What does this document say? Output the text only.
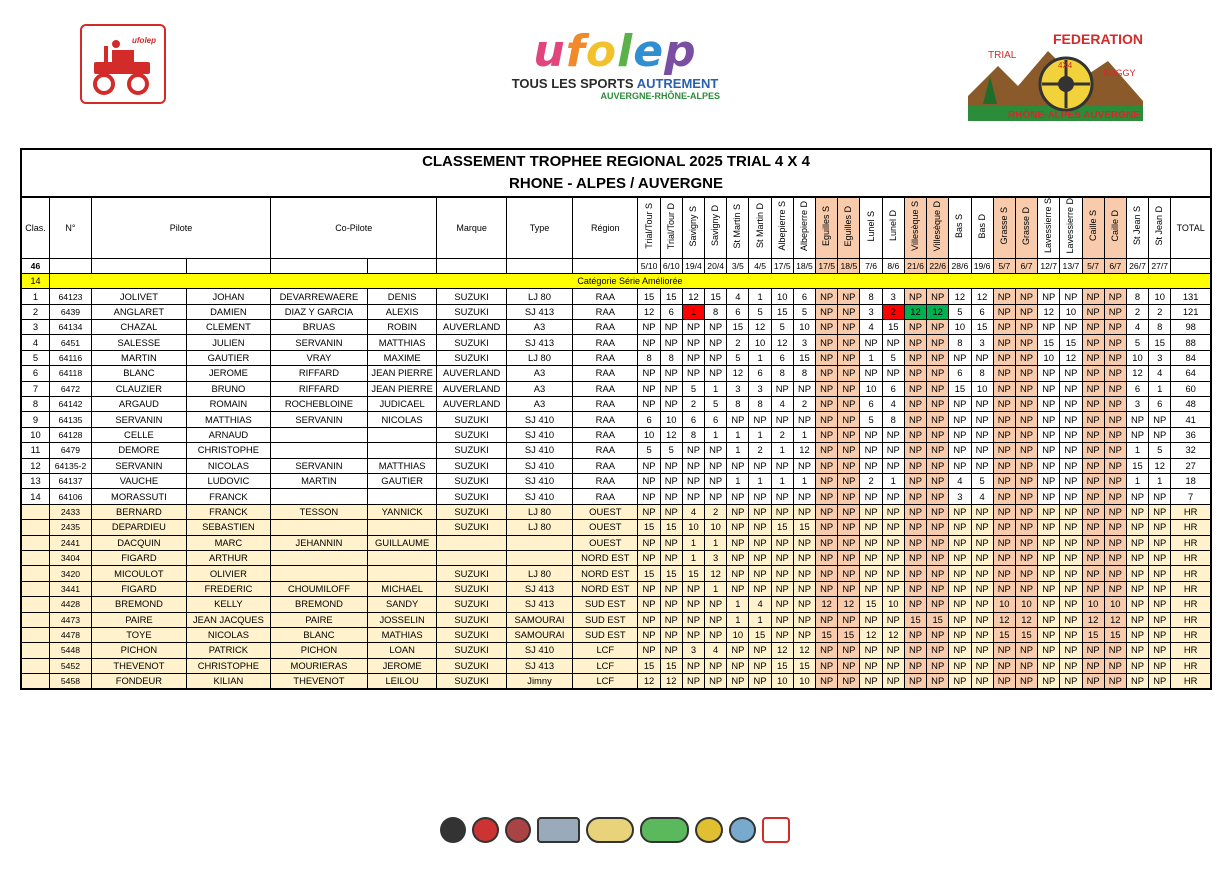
ufolep	ufolep
TOUS LES SPORTS AUTREMENT
AUVERGNE-RHÔNE-ALPES
FEDERATION
TRIAL
4X4
BUGGY
RHÔNE-ALPES AUVERGNE
CLASSEMENT TROPHEE REGIONAL 2025 TRIAL 4 X 4
RHONE - ALPES / AUVERGNE
Clas.	N°	Pilote		Co-Pilote		Marque	Type	Région	Trial/Tour S	Trial/Tour D	Savigny S	Savigny D	St Martin S	St Martin D	Albepierre S	Albepierre D	Eguilles S	Eguilles D	Lunel S	Lunel D	Villesèque S	Villesèque D	Bas S	Bas D	Grasse S	Grasse D	Lavessierre S	Lavessierre D	Caille S	Caille D	St Jean S	St Jean D	TOTAL
46									5/10	6/10	19/4	20/4	3/5	4/5	17/5	18/5	17/5	18/5	7/6	8/6	21/6	22/6	28/6	19/6	5/7	6/7	12/7	13/7	5/7	6/7	26/7	27/7	
14	Catégorie Série Améliorée																																
1	64123	JOLIVET	JOHAN	DEVARREWAERE	DENIS	SUZUKI	LJ 80	RAA	15	15	12	15	4	1	10	6	NP	NP	8	3	NP	NP	12	12	NP	NP	NP	NP	NP	NP	8	10	131
2	6439	ANGLARET	DAMIEN	DIAZ Y GARCIA	ALEXIS	SUZUKI	SJ 413	RAA	12	6	1	8	6	5	15	5	NP	NP	3	2	12	12	5	6	NP	NP	12	10	NP	NP	2	2	121
3	64134	CHAZAL	CLEMENT	BRUAS	ROBIN	AUVERLAND	A3	RAA	NP	NP	NP	NP	15	12	5	10	NP	NP	4	15	NP	NP	10	15	NP	NP	NP	NP	NP	NP	4	8	98
4	6451	SALESSE	JULIEN	SERVANIN	MATTHIAS	SUZUKI	SJ 413	RAA	NP	NP	NP	NP	2	10	12	3	NP	NP	NP	NP	NP	NP	8	3	NP	NP	15	15	NP	NP	5	15	88
5	64116	MARTIN	GAUTIER	VRAY	MAXIME	SUZUKI	LJ 80	RAA	8	8	NP	NP	5	1	6	15	NP	NP	1	5	NP	NP	NP	NP	NP	NP	10	12	NP	NP	10	3	84
6	64118	BLANC	JEROME	RIFFARD	JEAN PIERRE	AUVERLAND	A3	RAA	NP	NP	NP	NP	12	6	8	8	NP	NP	NP	NP	NP	NP	6	8	NP	NP	NP	NP	NP	NP	12	4	64
7	6472	CLAUZIER	BRUNO	RIFFARD	JEAN PIERRE	AUVERLAND	A3	RAA	NP	NP	5	1	3	3	NP	NP	NP	NP	10	6	NP	NP	15	10	NP	NP	NP	NP	NP	NP	6	1	60
8	64142	ARGAUD	ROMAIN	ROCHEBLOINE	JUDICAEL	AUVERLAND	A3	RAA	NP	NP	2	5	8	8	4	2	NP	NP	6	4	NP	NP	NP	NP	NP	NP	NP	NP	NP	NP	3	6	48
9	64135	SERVANIN	MATTHIAS	SERVANIN	NICOLAS	SUZUKI	SJ 410	RAA	6	10	6	6	NP	NP	NP	NP	NP	NP	5	8	NP	NP	NP	NP	NP	NP	NP	NP	NP	NP	NP	NP	41
10	64128	CELLE	ARNAUD			SUZUKI	SJ 410	RAA	10	12	8	1	1	1	2	1	NP	NP	NP	NP	NP	NP	NP	NP	NP	NP	NP	NP	NP	NP	NP	NP	36
11	6479	DEMORE	CHRISTOPHE			SUZUKI	SJ 410	RAA	5	5	NP	NP	1	2	1	12	NP	NP	NP	NP	NP	NP	NP	NP	NP	NP	NP	NP	NP	NP	1	5	32
12	64135-2	SERVANIN	NICOLAS	SERVANIN	MATTHIAS	SUZUKI	SJ 410	RAA	NP	NP	NP	NP	NP	NP	NP	NP	NP	NP	NP	NP	NP	NP	NP	NP	NP	NP	NP	NP	NP	NP	15	12	27
13	64137	VAUCHE	LUDOVIC	MARTIN	GAUTIER	SUZUKI	SJ 410	RAA	NP	NP	NP	NP	1	1	1	1	NP	NP	2	1	NP	NP	4	5	NP	NP	NP	NP	NP	NP	1	1	18
14	64106	MORASSUTI	FRANCK			SUZUKI	SJ 410	RAA	NP	NP	NP	NP	NP	NP	NP	NP	NP	NP	NP	NP	NP	NP	3	4	NP	NP	NP	NP	NP	NP	NP	NP	7
	2433	BERNARD	FRANCK	TESSON	YANNICK	SUZUKI	LJ 80	OUEST	NP	NP	4	2	NP	NP	NP	NP	NP	NP	NP	NP	NP	NP	NP	NP	NP	NP	NP	NP	NP	NP	NP	NP	HR
	2435	DEPARDIEU	SEBASTIEN			SUZUKI	LJ 80	OUEST	15	15	10	10	NP	NP	15	15	NP	NP	NP	NP	NP	NP	NP	NP	NP	NP	NP	NP	NP	NP	NP	NP	HR
	2441	DACQUIN	MARC	JEHANNIN	GUILLAUME			OUEST	NP	NP	1	1	NP	NP	NP	NP	NP	NP	NP	NP	NP	NP	NP	NP	NP	NP	NP	NP	NP	NP	NP	NP	HR
	3404	FIGARD	ARTHUR					NORD EST	NP	NP	1	3	NP	NP	NP	NP	NP	NP	NP	NP	NP	NP	NP	NP	NP	NP	NP	NP	NP	NP	NP	NP	HR
	3420	MICOULOT	OLIVIER			SUZUKI	LJ 80	NORD EST	15	15	15	12	NP	NP	NP	NP	NP	NP	NP	NP	NP	NP	NP	NP	NP	NP	NP	NP	NP	NP	NP	NP	HR
	3441	FIGARD	FREDERIC	CHOUMILOFF	MICHAEL	SUZUKI	SJ 413	NORD EST	NP	NP	NP	1	NP	NP	NP	NP	NP	NP	NP	NP	NP	NP	NP	NP	NP	NP	NP	NP	NP	NP	NP	NP	HR
	4428	BREMOND	KELLY	BREMOND	SANDY	SUZUKI	SJ 413	SUD EST	NP	NP	NP	NP	1	4	NP	NP	12	12	15	10	NP	NP	NP	NP	10	10	NP	NP	10	10	NP	NP	HR
	4473	PAIRE	JEAN JACQUES	PAIRE	JOSSELIN	SUZUKI	SAMOURAI	SUD EST	NP	NP	NP	NP	1	1	NP	NP	NP	NP	NP	NP	15	15	NP	NP	12	12	NP	NP	12	12	NP	NP	HR
	4478	TOYE	NICOLAS	BLANC	MATHIAS	SUZUKI	SAMOURAI	SUD EST	NP	NP	NP	NP	10	15	NP	NP	15	15	12	12	NP	NP	NP	NP	15	15	NP	NP	15	15	NP	NP	HR
	5448	PICHON	PATRICK	PICHON	LOAN	SUZUKI	SJ 410	LCF	NP	NP	3	4	NP	NP	12	12	NP	NP	NP	NP	NP	NP	NP	NP	NP	NP	NP	NP	NP	NP	NP	NP	HR
	5452	THEVENOT	CHRISTOPHE	MOURIERAS	JEROME	SUZUKI	SJ 413	LCF	15	15	NP	NP	NP	NP	15	15	NP	NP	NP	NP	NP	NP	NP	NP	NP	NP	NP	NP	NP	NP	NP	NP	HR
	5458	FONDEUR	KILIAN	THEVENOT	LEILOU	SUZUKI	Jimny	LCF	12	12	NP	NP	NP	NP	10	10	NP	NP	NP	NP	NP	NP	NP	NP	NP	NP	NP	NP	NP	NP	NP	NP	HR
